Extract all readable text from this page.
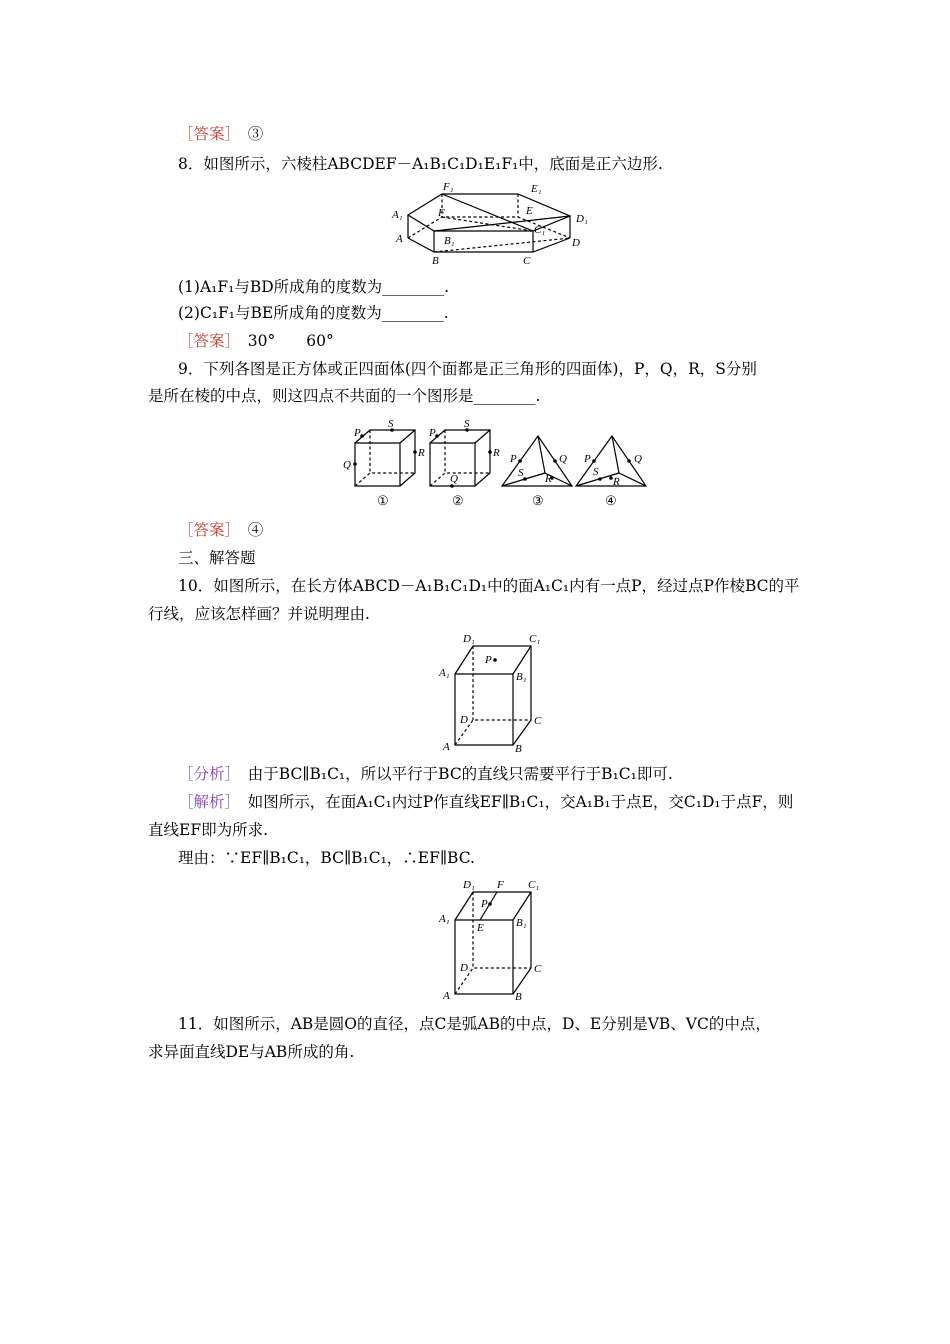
［答案］　③
8．如图所示，六棱柱ABCDEF－A₁B₁C₁D₁E₁F₁中，底面是正六边形.
F₁	E₁
A₁	D₁
F	E
A
C₁
D
B₁
C
B
(1)A₁F₁与BD所成角的度数为________.
(2)C₁F₁与BE所成角的度数为________.
［答案］　30°　　60°
9．下列各图是正方体或正四面体(四个面都是正三角形的四面体)，P，Q，R，S分别
是所在棱的中点，则这四点不共面的一个图形是________.
P
S
Q
R
①
P
S
R
Q
②
P
S
Q
R
③
P
S
Q
R
④
［答案］　④
三、解答题
10．如图所示，在长方体ABCD－A₁B₁C₁D₁中的面A₁C₁内有一点P，经过点P作棱BC的平
行线，应该怎样画？并说明理由.
D₁	C₁
P
A₁	B₁
D	C
A	B
［分析］　由于BC∥B₁C₁，所以平行于BC的直线只需要平行于B₁C₁即可.
［解析］　如图所示，在面A₁C₁内过P作直线EF∥B₁C₁，交A₁B₁于点E，交C₁D₁于点F，则
直线EF即为所求.
理由：∵EF∥B₁C₁，BC∥B₁C₁，∴EF∥BC.
D₁ F C₁
P
A₁
E	B₁
D	C
A	B
11．如图所示，AB是圆O的直径，点C是弧AB的中点，D、E分别是VB、VC的中点，
求异面直线DE与AB所成的角.
